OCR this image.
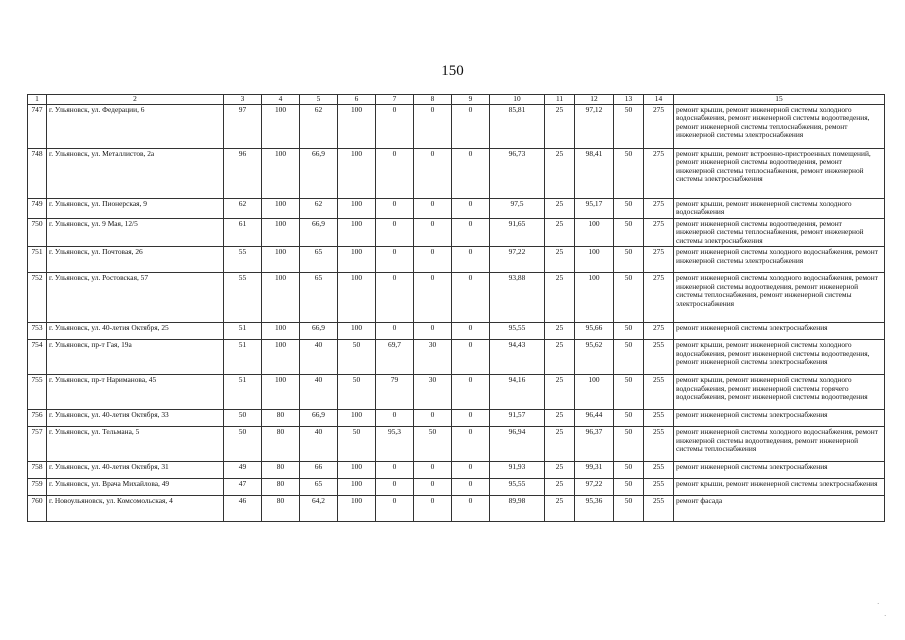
150
1	2	3	4	5	6	7	8	9	10	11	12	13	14	15
747	г. Ульяновск, ул. Федерации, 6	97	100	62	100	0	0	0	85,81	25	97,12	50	275	ремонт крыши, ремонт инженерной системы холодного водоснабжения, ремонт инженерной системы водоотведения, ремонт инженерной системы теплоснабжения, ремонт инженерной системы электроснабжения
748	г. Ульяновск, ул. Металлистов, 2а	96	100	66,9	100	0	0	0	96,73	25	98,41	50	275	ремонт крыши, ремонт встроенно-пристроенных помещений, ремонт инженерной системы водоотведения, ремонт инженерной системы теплоснабжения, ремонт инженерной системы электроснабжения
749	г. Ульяновск, ул. Пионерская, 9	62	100	62	100	0	0	0	97,5	25	95,17	50	275	ремонт крыши, ремонт инженерной системы холодного водоснабжения
750	г. Ульяновск, ул. 9 Мая, 12/5	61	100	66,9	100	0	0	0	91,65	25	100	50	275	ремонт инженерной системы водоотведения, ремонт инженерной системы теплоснабжения, ремонт инженерной системы электроснабжения
751	г. Ульяновск, ул. Почтовая, 26	55	100	65	100	0	0	0	97,22	25	100	50	275	ремонт инженерной системы холодного водоснабжения, ремонт инженерной системы электроснабжения
752	г. Ульяновск, ул. Ростовская, 57	55	100	65	100	0	0	0	93,88	25	100	50	275	ремонт инженерной системы холодного водоснабжения, ремонт инженерной системы водоотведения, ремонт инженерной системы теплоснабжения, ремонт инженерной системы электроснабжения
753	г. Ульяновск, ул. 40-летия Октября, 25	51	100	66,9	100	0	0	0	95,55	25	95,66	50	275	ремонт инженерной системы электроснабжения
754	г. Ульяновск, пр-т Гая, 19а	51	100	40	50	69,7	30	0	94,43	25	95,62	50	255	ремонт крыши, ремонт инженерной системы холодного водоснабжения, ремонт инженерной системы водоотведения, ремонт инженерной системы электроснабжения
755	г. Ульяновск, пр-т Нариманова, 45	51	100	40	50	79	30	0	94,16	25	100	50	255	ремонт крыши, ремонт инженерной системы холодного водоснабжения, ремонт инженерной системы горячего водоснабжения, ремонт инженерной системы водоотведения
756	г. Ульяновск, ул. 40-летия Октября, 33	50	80	66,9	100	0	0	0	91,57	25	96,44	50	255	ремонт инженерной системы электроснабжения
757	г. Ульяновск, ул. Тельмана, 5	50	80	40	50	95,3	50	0	96,94	25	96,37	50	255	ремонт инженерной системы холодного водоснабжения, ремонт инженерной системы водоотведения, ремонт инженерной системы теплоснабжения
758	г. Ульяновск, ул. 40-летия Октября, 31	49	80	66	100	0	0	0	91,93	25	99,31	50	255	ремонт инженерной системы электроснабжения
759	г. Ульяновск, ул. Врача Михайлова, 49	47	80	65	100	0	0	0	95,55	25	97,22	50	255	ремонт крыши, ремонт инженерной системы электроснабжения
760	г. Новоульяновск, ул. Комсомольская, 4	46	80	64,2	100	0	0	0	89,98	25	95,36	50	255	ремонт фасада
·
·
